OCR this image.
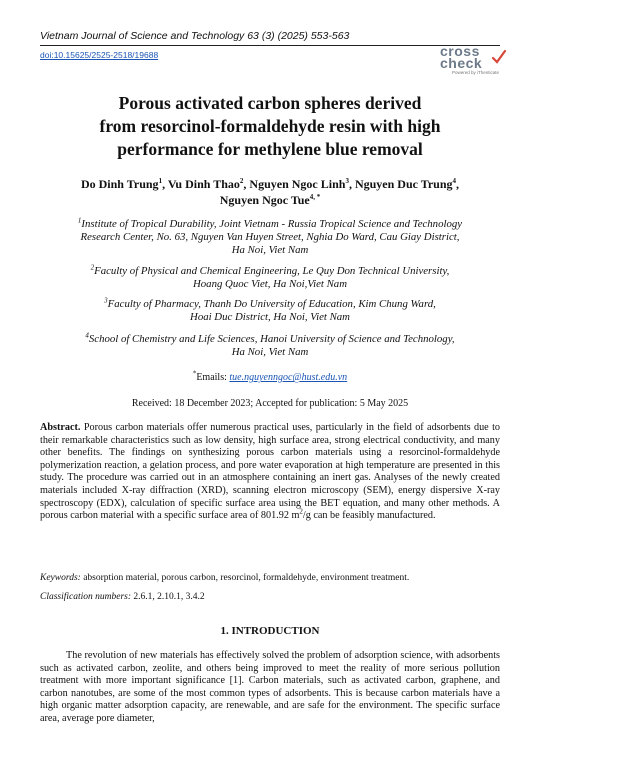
Vietnam Journal of Science and Technology 63 (3) (2025) 553-563
doi:10.15625/2525-2518/19688	cross
check
Powered by iThenticate
Porous activated carbon spheres derived
from resorcinol-formaldehyde resin with high
performance for methylene blue removal
Do Dinh Trung$^1$, Vu Dinh Thao$^2$, Nguyen Ngoc Linh$^3$, Nguyen Duc Trung$^4$,
Nguyen Ngoc Tue$^{4, *}$
$^1$Institute of Tropical Durability, Joint Vietnam - Russia Tropical Science and Technology
Research Center, No. 63, Nguyen Van Huyen Street, Nghia Do Ward, Cau Giay District,
Ha Noi, Viet Nam
$^2$Faculty of Physical and Chemical Engineering, Le Quy Don Technical University,
Hoang Quoc Viet, Ha Noi,Viet Nam
$^3$Faculty of Pharmacy, Thanh Do University of Education, Kim Chung Ward,
Hoai Duc District, Ha Noi, Viet Nam
$^4$School of Chemistry and Life Sciences, Hanoi University of Science and Technology,
Ha Noi, Viet Nam
*Emails: tue.nguyenngoc@hust.edu.vn
Received: 18 December 2023; Accepted for publication: 5 May 2025

Abstract. Porous carbon materials offer numerous practical uses, particularly in the field of adsorbents due to their remarkable characteristics such as low density, high surface area, strong electrical conductivity, and many other benefits. The findings on synthesizing porous carbon materials using a resorcinol-formaldehyde polymerization reaction, a gelation process, and pore water evaporation at high temperature are presented in this study. The procedure was carried out in an atmosphere containing an inert gas. Analyses of the newly created materials included X-ray diffraction (XRD), scanning electron microscopy (SEM), energy dispersive X-ray spectroscopy (EDX), calculation of specific surface area using the BET equation, and many other methods. A porous carbon material with a specific surface area of 801.92 $m^2/g$ can be feasibly manufactured.

Keywords: absorption material, porous carbon, resorcinol, formaldehyde, environment treatment.

Classification numbers: 2.6.1, 2.10.1, 3.4.2

1. INTRODUCTION

The revolution of new materials has effectively solved the problem of adsorption science, with adsorbents such as activated carbon, zeolite, and others being improved to meet the reality of more serious pollution treatment with more important significance [1]. Carbon materials, such as activated carbon, graphene, and carbon nanotubes, are some of the most common types of adsorbents. This is because carbon materials have a high organic matter adsorption capacity, are renewable, and are safe for the environment. The specific surface area, average pore diameter,
